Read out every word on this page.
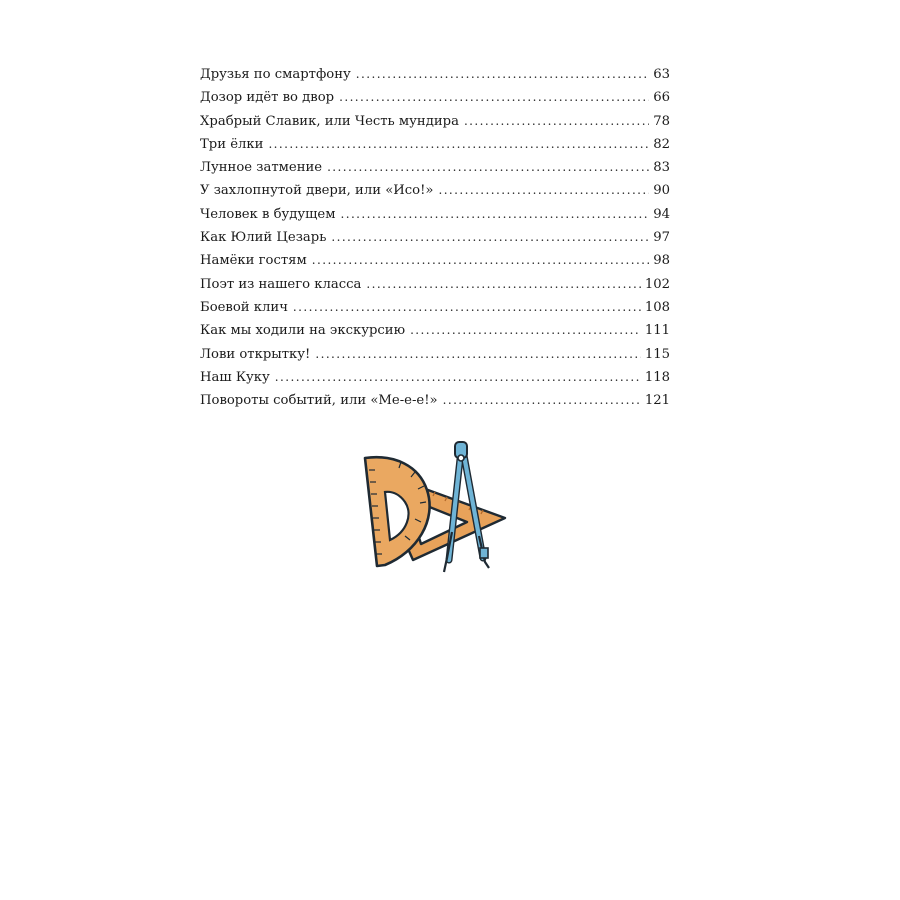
Друзья по смартфону . . .	63
Дозор идёт во двор . . .	66
Храбрый Славик, или Честь мундира . . .	78
Три ёлки . . .	82
Лунное затмение . . .	83
У захлопнутой двери, или «Исо!» . . .	90
Человек в будущем . . .	94
Как Юлий Цезарь . . .	97
Намёки гостям . . .	98
Поэт из нашего класса . . .	102
Боевой клич . . .	108
Как мы ходили на экскурсию . . .	111
Лови открытку! . . .	115
Наш Куку . . .	118
Повороты событий, или «Ме-е-е!» . . .	121
